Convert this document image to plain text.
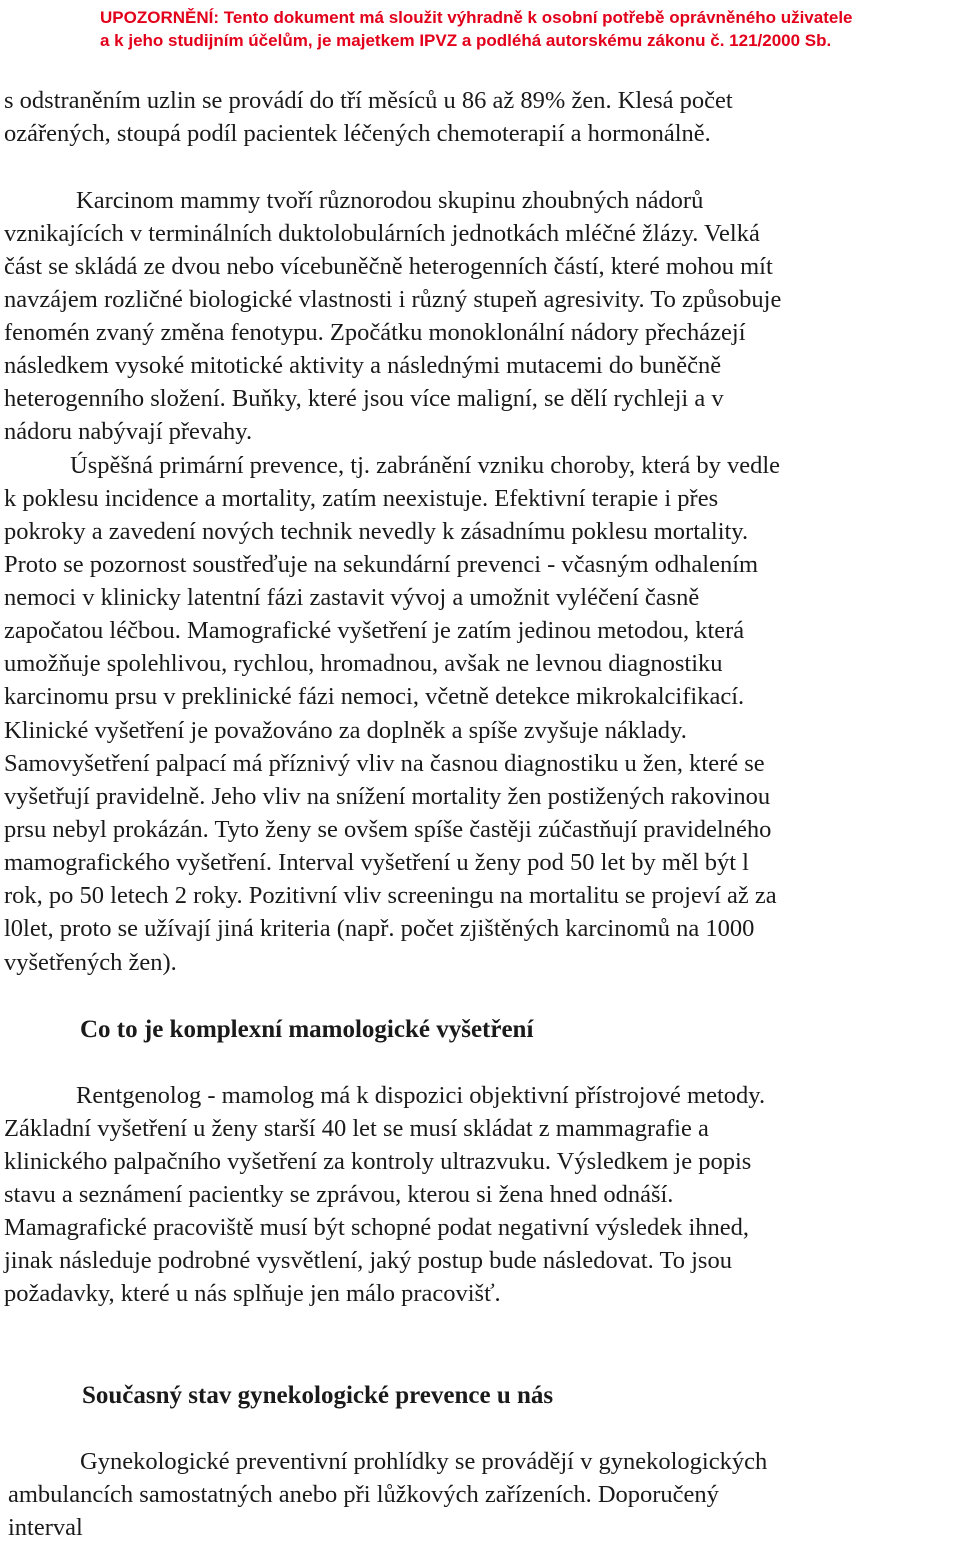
UPOZORNĚNÍ: Tento dokument má sloužit výhradně k osobní potřebě oprávněného uživatele
a k jeho studijním účelům, je majetkem IPVZ a podléhá autorskému zákonu č. 121/2000 Sb.
s odstraněním uzlin se provádí do tří měsíců u 86 až 89% žen. Klesá počet
ozářených, stoupá podíl pacientek léčených chemoterapií a hormonálně.
Karcinom mammy tvoří různorodou skupinu zhoubných nádorů
vznikajících v terminálních duktolobulárních jednotkách mléčné žlázy. Velká
část se skládá ze dvou nebo vícebuněčně heterogenních částí, které mohou mít
navzájem rozličné biologické vlastnosti i různý stupeň agresivity. To způsobuje
fenomén zvaný změna fenotypu. Zpočátku monoklonální nádory přecházejí
následkem vysoké mitotické aktivity a následnými mutacemi do buněčně
heterogenního složení. Buňky, které jsou více maligní, se dělí rychleji a v
nádoru nabývají převahy.
Úspěšná primární prevence, tj. zabránění vzniku choroby, která by vedle
k poklesu incidence a mortality, zatím neexistuje. Efektivní terapie i přes
pokroky a zavedení nových technik nevedly k zásadnímu poklesu mortality.
Proto se pozornost soustřeďuje na sekundární prevenci - včasným odhalením
nemoci v klinicky latentní fázi zastavit vývoj a umožnit vyléčení časně
započatou léčbou. Mamografické vyšetření je zatím jedinou metodou, která
umožňuje spolehlivou, rychlou, hromadnou, avšak ne levnou diagnostiku
karcinomu prsu v preklinické fázi nemoci, včetně detekce mikrokalcifikací.
Klinické vyšetření je považováno za doplněk a spíše zvyšuje náklady.
Samovyšetření palpací má příznivý vliv na časnou diagnostiku u žen, které se
vyšetřují pravidelně. Jeho vliv na snížení mortality žen postižených rakovinou
prsu nebyl prokázán. Tyto ženy se ovšem spíše častěji zúčastňují pravidelného
mamografického vyšetření. Interval vyšetření u ženy pod 50 let by měl být l
rok, po 50 letech 2 roky. Pozitivní vliv screeningu na mortalitu se projeví až za
l0let, proto se užívají jiná kriteria (např. počet zjištěných karcinomů na 1000
vyšetřených žen).
Co to je komplexní mamologické vyšetření
Rentgenolog - mamolog má k dispozici objektivní přístrojové metody.
Základní vyšetření u ženy starší 40 let se musí skládat z mammagrafie a
klinického palpačního vyšetření za kontroly ultrazvuku. Výsledkem je popis
stavu a seznámení pacientky se zprávou, kterou si žena hned odnáší.
Mamagrafické pracoviště musí být schopné podat negativní výsledek ihned,
jinak následuje podrobné vysvětlení, jaký postup bude následovat. To jsou
požadavky, které u nás splňuje jen málo pracovišť.
Současný stav gynekologické prevence u nás
Gynekologické preventivní prohlídky se provádějí v gynekologických
ambulancích samostatných anebo při lůžkových zařízeních. Doporučený
interval
